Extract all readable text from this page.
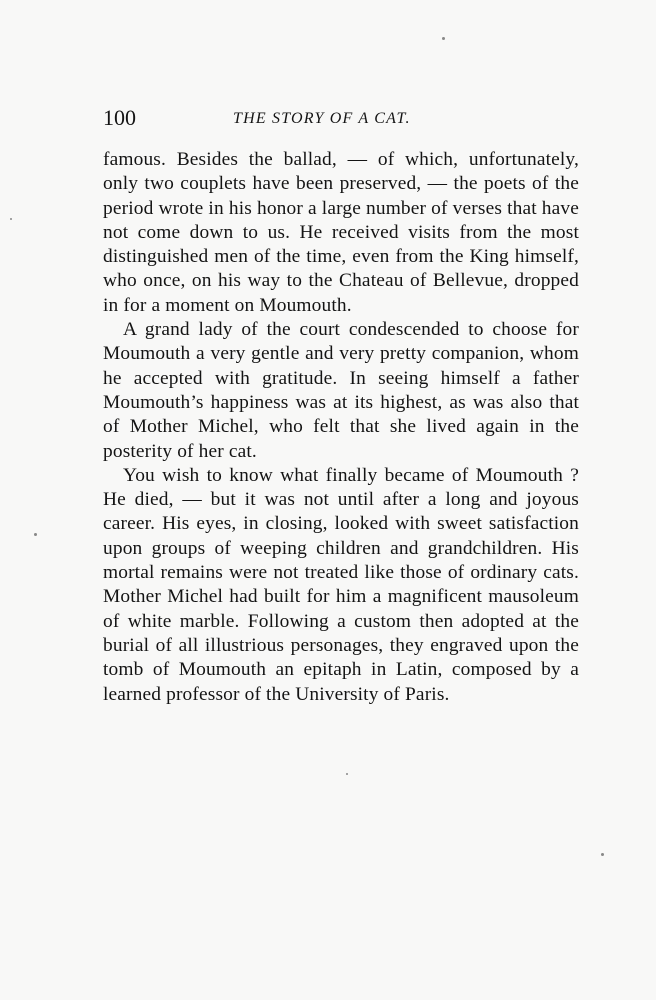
100	THE STORY OF A CAT.

famous. Besides the ballad, — of which, unfortunately, only two couplets have been preserved, — the poets of the period wrote in his honor a large number of verses that have not come down to us. He received visits from the most distinguished men of the time, even from the King himself, who once, on his way to the Chateau of Bellevue, dropped in for a moment on Moumouth.

A grand lady of the court condescended to choose for Moumouth a very gentle and very pretty companion, whom he accepted with gratitude. In seeing himself a father Moumouth’s happiness was at its highest, as was also that of Mother Michel, who felt that she lived again in the posterity of her cat.

You wish to know what finally became of Moumouth ? He died, — but it was not until after a long and joyous career. His eyes, in closing, looked with sweet satisfaction upon groups of weeping children and grandchildren. His mortal remains were not treated like those of ordinary cats. Mother Michel had built for him a magnificent mausoleum of white marble. Following a custom then adopted at the burial of all illustrious personages, they engraved upon the tomb of Moumouth an epitaph in Latin, composed by a learned professor of the University of Paris.
